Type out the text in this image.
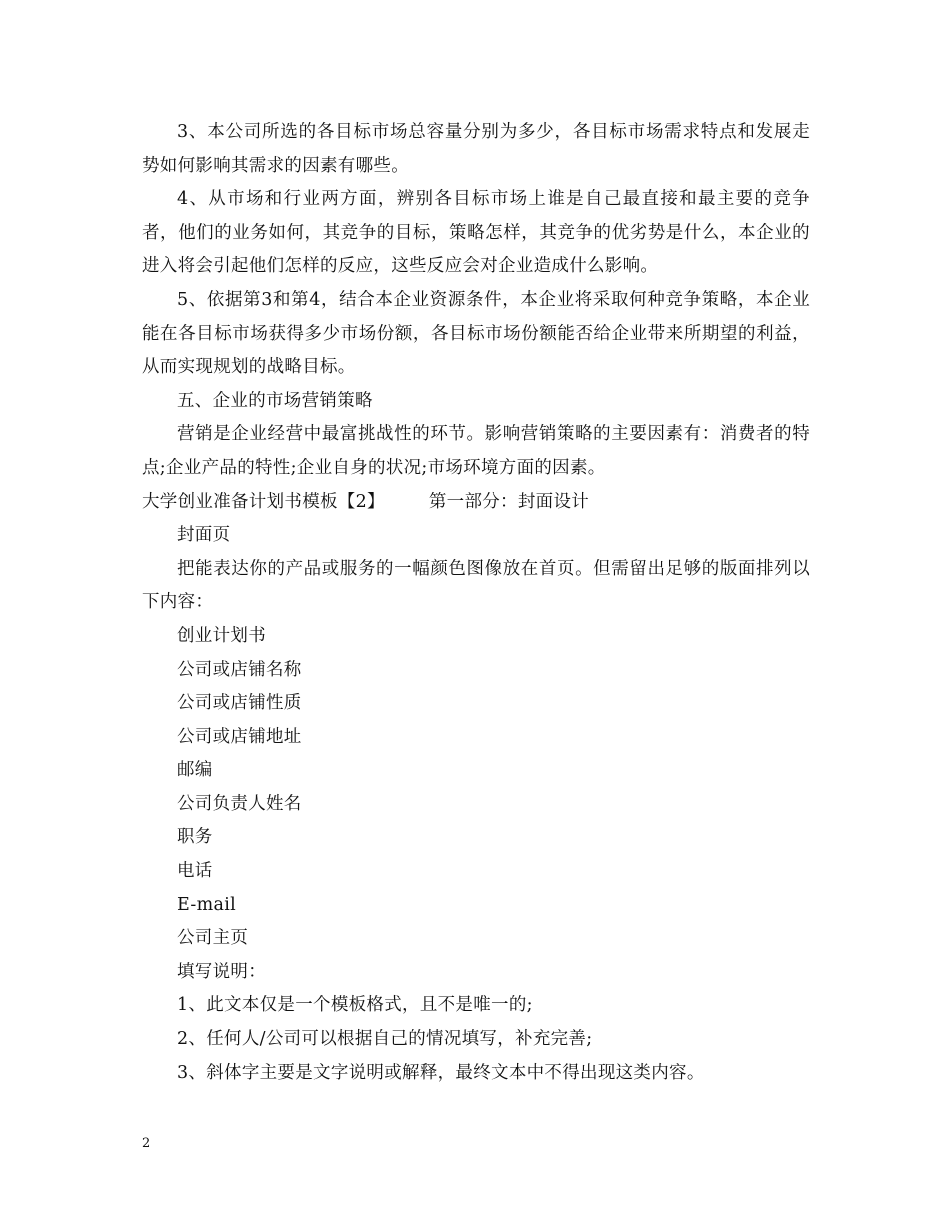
3、本公司所选的各目标市场总容量分别为多少，各目标市场需求特点和发展走势如何影响其需求的因素有哪些。

4、从市场和行业两方面，辨别各目标市场上谁是自己最直接和最主要的竞争者，他们的业务如何，其竞争的目标，策略怎样，其竞争的优劣势是什么，本企业的进入将会引起他们怎样的反应，这些反应会对企业造成什么影响。

5、依据第3和第4，结合本企业资源条件，本企业将采取何种竞争策略，本企业能在各目标市场获得多少市场份额，各目标市场份额能否给企业带来所期望的利益，从而实现规划的战略目标。

五、企业的市场营销策略

营销是企业经营中最富挑战性的环节。影响营销策略的主要因素有：消费者的特点;企业产品的特性;企业自身的状况;市场环境方面的因素。

大学创业准备计划书模板【2】	第一部分：封面设计

封面页

把能表达你的产品或服务的一幅颜色图像放在首页。但需留出足够的版面排列以下内容：

创业计划书

公司或店铺名称

公司或店铺性质

公司或店铺地址

邮编

公司负责人姓名

职务

电话

E-mail

公司主页

填写说明：

1、此文本仅是一个模板格式，且不是唯一的;

2、任何人/公司可以根据自己的情况填写，补充完善;

3、斜体字主要是文字说明或解释，最终文本中不得出现这类内容。

2
